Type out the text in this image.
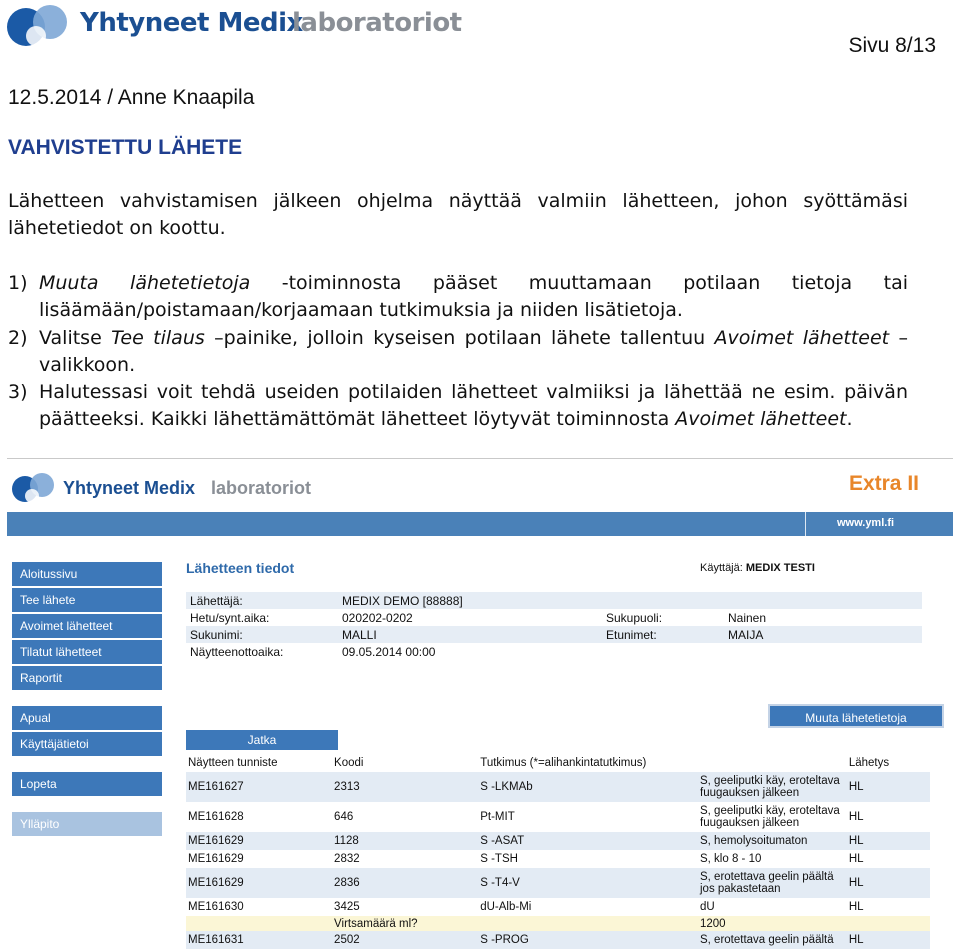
Yhtyneet Medix
laboratoriot
Sivu 8/13
12.5.2014 / Anne Knaapila
VAHVISTETTU LÄHETE
Lähetteen vahvistamisen jälkeen ohjelma näyttää valmiin lähetteen, johon syöttämäsi lähetetiedot on koottu.
1) Muuta lähetetietoja -toiminnosta pääset muuttamaan potilaan tietoja tai lisäämään/poistamaan/korjaamaan tutkimuksia ja niiden lisätietoja.
2) Valitse Tee tilaus –painike, jolloin kyseisen potilaan lähete tallentuu Avoimet lähetteet –valikkoon.
3) Halutessasi voit tehdä useiden potilaiden lähetteet valmiiksi ja lähettää ne esim. päivän päätteeksi. Kaikki lähettämättömät lähetteet löytyvät toiminnosta Avoimet lähetteet.
Yhtyneet Medix laboratoriot	Extra II
www.yml.fi
Aloitussivu
Tee lähete
Avoimet lähetteet
Tilatut lähetteet
Raportit
Apual
Käyttäjätietoi
Lopeta
Ylläpito
Lähetteen tiedot	Käyttäjä: MEDIX TESTI
Lähettäjä:	MEDIX DEMO [88888]		
Hetu/synt.aika:	020202-0202	Sukupuoli:	Nainen
Sukunimi:	MALLI	Etunimet:	MAIJA
Näytteenottoaika:	09.05.2014 00:00		
Muuta lähetetietoja
Jatka
Näytteen tunniste	Koodi	Tutkimus (*=alihankintatutkimus)		Lähetys
ME161627	2313	S -LKMAb	S, geeliputki käy, eroteltava fuugauksen jälkeen	HL
ME161628	646	Pt-MIT	S, geeliputki käy, eroteltava fuugauksen jälkeen	HL
ME161629	1128	S -ASAT	S, hemolysoitumaton	HL
ME161629	2832	S -TSH	S, klo 8 - 10	HL
ME161629	2836	S -T4-V	S, erotettava geelin päältä jos pakastetaan	HL
ME161630	3425	dU-Alb-Mi	dU	HL
	Virtsamäärä ml?		1200	
ME161631	2502	S -PROG	S, erotettava geelin päältä	HL
